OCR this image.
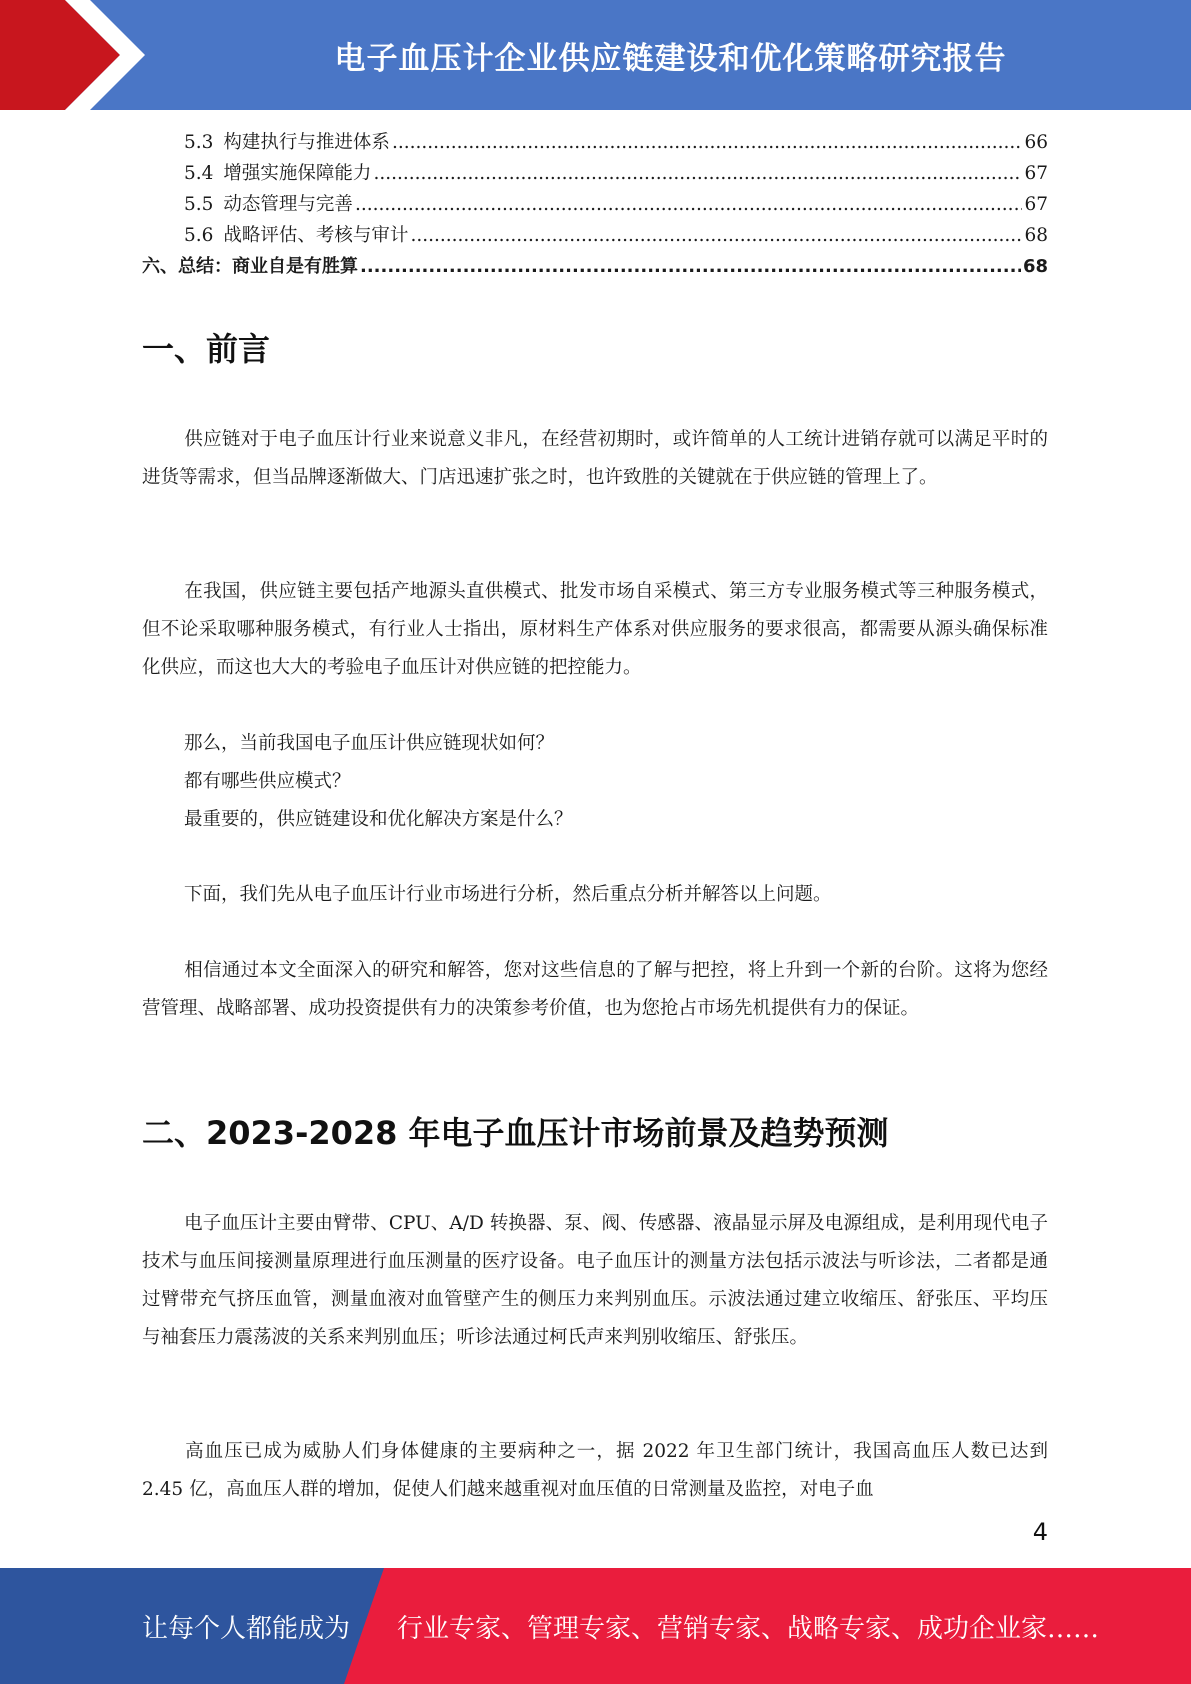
电子血压计企业供应链建设和优化策略研究报告
5.3 构建执行与推进体系 .....	66
5.4 增强实施保障能力 .....	67
5.5 动态管理与完善 .....	67
5.6 战略评估、考核与审计 .....	68
六、总结：商业自是有胜算 .....	68
一、前言
供应链对于电子血压计行业来说意义非凡，在经营初期时，或许简单的人工统计进销存就可以满足平时的进货等需求，但当品牌逐渐做大、门店迅速扩张之时，也许致胜的关键就在于供应链的管理上了。
在我国，供应链主要包括产地源头直供模式、批发市场自采模式、第三方专业服务模式等三种服务模式，但不论采取哪种服务模式，有行业人士指出，原材料生产体系对供应服务的要求很高，都需要从源头确保标准化供应，而这也大大的考验电子血压计对供应链的把控能力。
那么，当前我国电子血压计供应链现状如何？
都有哪些供应模式？
最重要的，供应链建设和优化解决方案是什么？
下面，我们先从电子血压计行业市场进行分析，然后重点分析并解答以上问题。
相信通过本文全面深入的研究和解答，您对这些信息的了解与把控，将上升到一个新的台阶。这将为您经营管理、战略部署、成功投资提供有力的决策参考价值，也为您抢占市场先机提供有力的保证。
二、2023-2028 年电子血压计市场前景及趋势预测
电子血压计主要由臂带、CPU、A/D 转换器、泵、阀、传感器、液晶显示屏及电源组成，是利用现代电子技术与血压间接测量原理进行血压测量的医疗设备。电子血压计的测量方法包括示波法与听诊法，二者都是通过臂带充气挤压血管，测量血液对血管壁产生的侧压力来判别血压。示波法通过建立收缩压、舒张压、平均压与袖套压力震荡波的关系来判别血压；听诊法通过柯氏声来判别收缩压、舒张压。
高血压已成为威胁人们身体健康的主要病种之一，据 2022 年卫生部门统计，我国高血压人数已达到 2.45 亿，高血压人群的增加，促使人们越来越重视对血压值的日常测量及监控，对电子血
4
让每个人都能成为 行业专家、管理专家、营销专家、战略专家、成功企业家……
